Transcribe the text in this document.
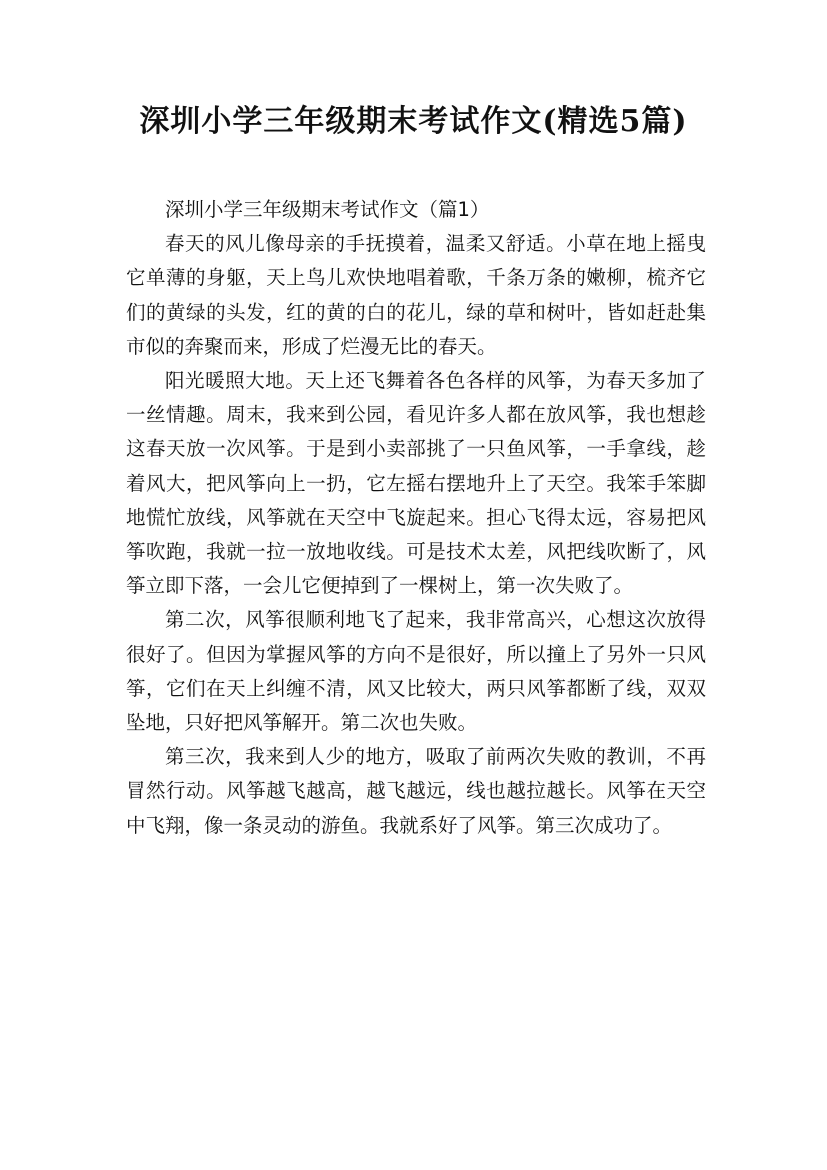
深圳小学三年级期末考试作文(精选5篇)

深圳小学三年级期末考试作文（篇1）

春天的风儿像母亲的手抚摸着，温柔又舒适。小草在地上摇曳它单薄的身躯，天上鸟儿欢快地唱着歌，千条万条的嫩柳，梳齐它们的黄绿的头发，红的黄的白的花儿，绿的草和树叶，皆如赶赴集市似的奔聚而来，形成了烂漫无比的春天。

阳光暖照大地。天上还飞舞着各色各样的风筝，为春天多加了一丝情趣。周末，我来到公园，看见许多人都在放风筝，我也想趁这春天放一次风筝。于是到小卖部挑了一只鱼风筝，一手拿线，趁着风大，把风筝向上一扔，它左摇右摆地升上了天空。我笨手笨脚地慌忙放线，风筝就在天空中飞旋起来。担心飞得太远，容易把风筝吹跑，我就一拉一放地收线。可是技术太差，风把线吹断了，风筝立即下落，一会儿它便掉到了一棵树上，第一次失败了。

第二次，风筝很顺利地飞了起来，我非常高兴，心想这次放得很好了。但因为掌握风筝的方向不是很好，所以撞上了另外一只风筝，它们在天上纠缠不清，风又比较大，两只风筝都断了线，双双坠地，只好把风筝解开。第二次也失败。

第三次，我来到人少的地方，吸取了前两次失败的教训，不再冒然行动。风筝越飞越高，越飞越远，线也越拉越长。风筝在天空中飞翔，像一条灵动的游鱼。我就系好了风筝。第三次成功了。
